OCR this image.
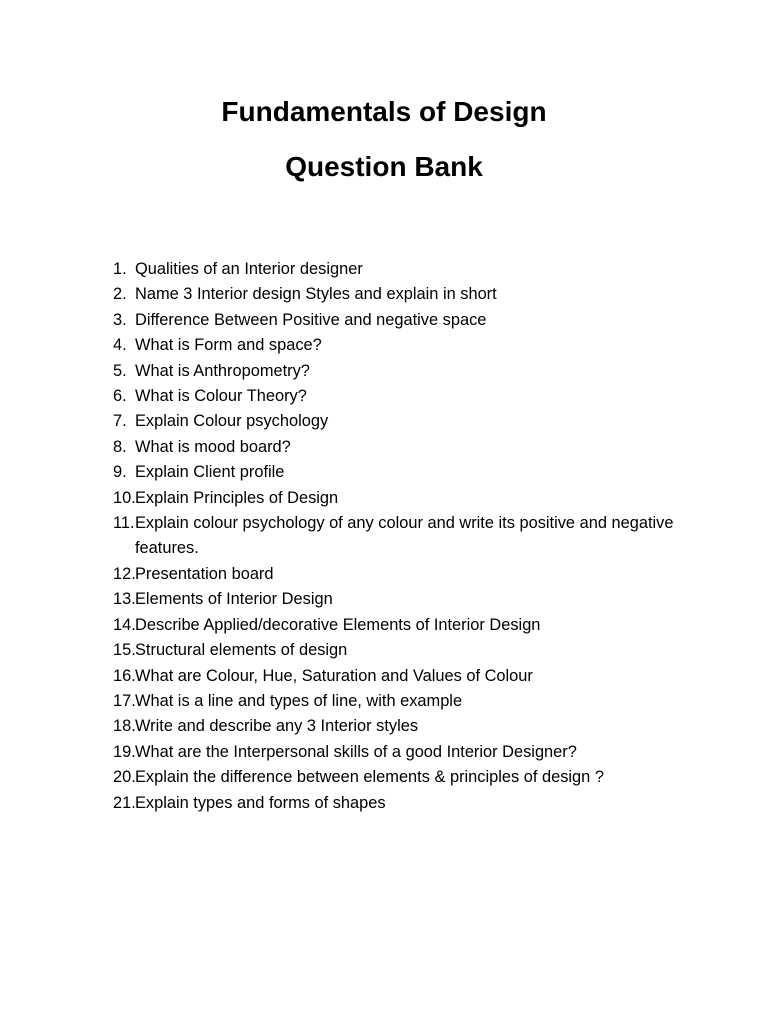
Fundamentals of Design
Question Bank
1. Qualities of an Interior designer
2. Name 3 Interior design Styles and explain in short
3. Difference Between Positive and negative space
4. What is Form and space?
5. What is Anthropometry?
6. What is Colour Theory?
7. Explain Colour psychology
8. What is mood board?
9. Explain Client profile
10. Explain Principles of Design
11. Explain colour psychology of any colour and write its positive and negative features.
12. Presentation board
13. Elements of Interior Design
14. Describe Applied/decorative Elements of Interior Design
15. Structural elements of design
16. What are Colour, Hue, Saturation and Values of Colour
17. What is a line and types of line, with example
18. Write and describe any 3 Interior styles
19. What are the Interpersonal skills of a good Interior Designer?
20. Explain the difference between elements & principles of design ?
21. Explain types and forms of shapes
